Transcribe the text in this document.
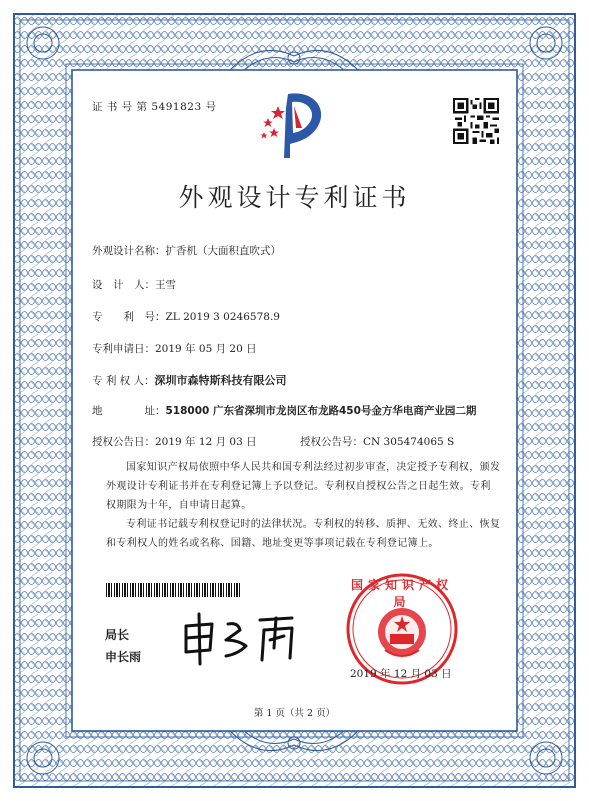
证 书 号 第 5491823 号
外观设计专利证书
外观设计名称：扩香机（大面积直吹式）
设　计　人：王雪
专　　利　号：ZL 2019 3 0246578.9
专利申请日：2019 年 05 月 20 日
专 利 权 人：深圳市森特斯科技有限公司
地　　　　址：518000 广东省深圳市龙岗区布龙路450号金方华电商产业园二期
授权公告日：2019 年 12 月 03 日	授权公告号：CN 305474065 S
国家知识产权局依照中华人民共和国专利法经过初步审查，决定授予专利权，颁发外观设计专利证书并在专利登记簿上予以登记。专利权自授权公告之日起生效。专利权期限为十年，自申请日起算。
专利证书记载专利权登记时的法律状况。专利权的转移、质押、无效、终止、恢复和专利权人的姓名或名称、国籍、地址变更等事项记载在专利登记簿上。
局长
申长雨
国家知识产权局
2019 年 12 月 03 日
第 1 页（共 2 页）
